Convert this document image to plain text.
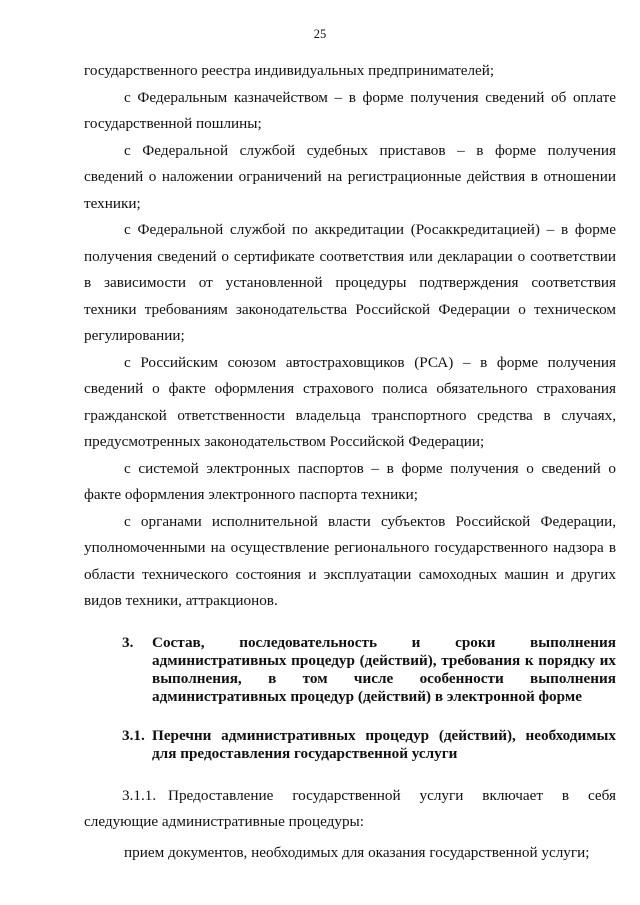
25

государственного реестра индивидуальных предпринимателей;

с Федеральным казначейством – в форме получения сведений об оплате государственной пошлины;

с Федеральной службой судебных приставов – в форме получения сведений о наложении ограничений на регистрационные действия в отношении техники;

с Федеральной службой по аккредитации (Росаккредитацией) – в форме получения сведений о сертификате соответствия или декларации о соответствии в зависимости от установленной процедуры подтверждения соответствия техники требованиям законодательства Российской Федерации о техническом регулировании;

с Российским союзом автостраховщиков (РСА) – в форме получения сведений о факте оформления страхового полиса обязательного страхования гражданской ответственности владельца транспортного средства в случаях, предусмотренных законодательством Российской Федерации;

с системой электронных паспортов – в форме получения о сведений о факте оформления электронного паспорта техники;

с органами исполнительной власти субъектов Российской Федерации, уполномоченными на осуществление регионального государственного надзора в области технического состояния и эксплуатации самоходных машин и других видов техники, аттракционов.

3.	Состав, последовательность и сроки выполнения административных процедур (действий), требования к порядку их выполнения, в том числе особенности выполнения административных процедур (действий) в электронной форме
3.1. Перечни административных процедур (действий), необходимых для предоставления государственной услуги
3.1.1. Предоставление государственной услуги включает в себя

следующие административные процедуры:

прием документов, необходимых для оказания государственной услуги;
